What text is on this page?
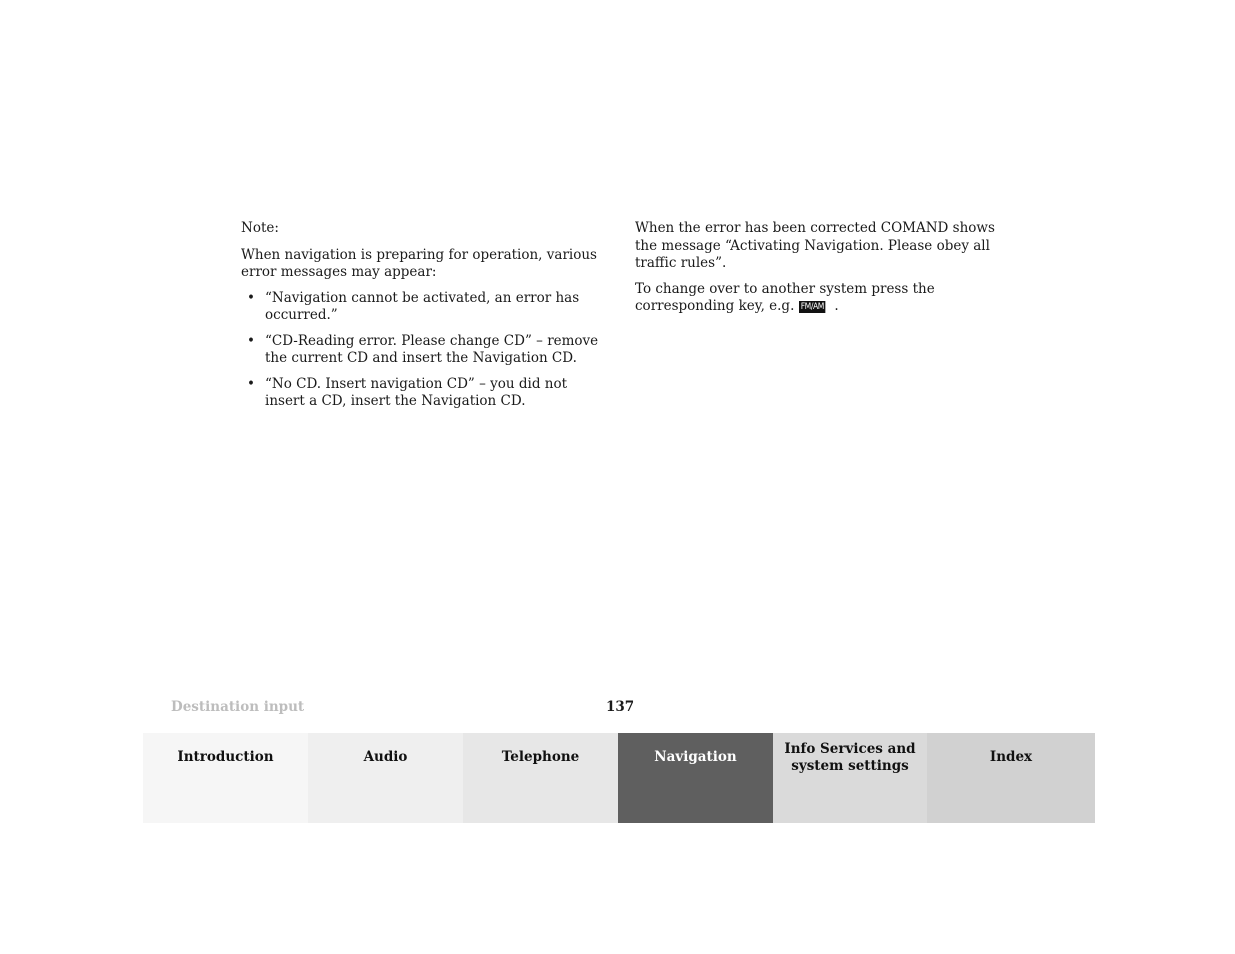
Note:

When navigation is preparing for operation, various error messages may appear:

• “Navigation cannot be activated, an error has occurred.”
• “CD-Reading error. Please change CD” – remove the current CD and insert the Navigation CD.
• “No CD. Insert navigation CD” – you did not insert a CD, insert the Navigation CD.

When the error has been corrected COMAND shows the message “Activating Navigation. Please obey all traffic rules”.

To change over to another system press the corresponding key, e.g. FM/AM .

Destination input	137
Introduction	Audio	Telephone	Navigation	Info Services and
system settings
Index
